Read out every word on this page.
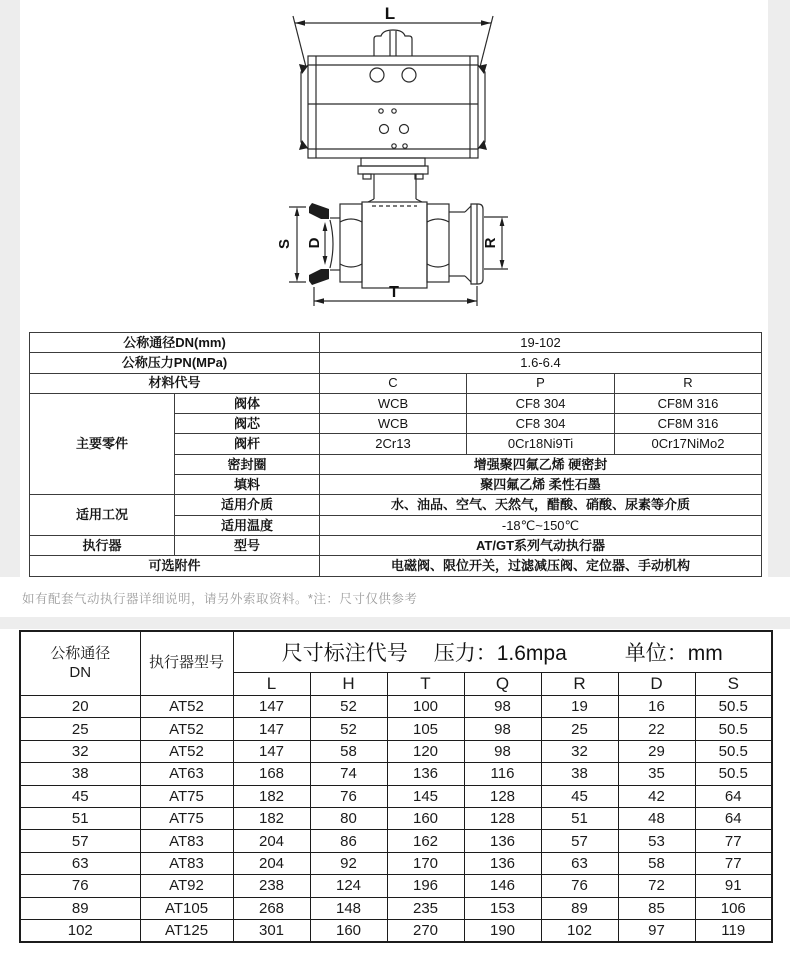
L
S D	R
T
公称通径DN(mm)		19-102		
公称压力PN(MPa)		1.6-6.4		
材料代号		C	P	R
主要零件	阀体	WCB	CF8 304	CF8M 316
	阀芯	WCB	CF8 304	CF8M 316
	阀杆	2Cr13	0Cr18Ni9Ti	0Cr17NiMo2
	密封圈	增强聚四氟乙烯 硬密封		
	填料	聚四氟乙烯 柔性石墨		
适用工况	适用介质	水、油品、空气、天然气，醋酸、硝酸、尿素等介质		
	适用温度	-18℃~150℃		
执行器	型号	AT/GT系列气动执行器		
可选附件		电磁阀、限位开关，过滤减压阀、定位器、手动机构		
如有配套气动执行器详细说明，请另外索取资料。*注：尺寸仅供参考
公称通径
DN
	执行器型号	尺寸标注代号 压力：1.6mpa	单位：mm

		L	H	T	Q	R	D	S
20	AT52	147	52	100	98	19	16	50.5
25	AT52	147	52	105	98	25	22	50.5
32	AT52	147	58	120	98	32	29	50.5
38	AT63	168	74	136	116	38	35	50.5
45	AT75	182	76	145	128	45	42	64
51	AT75	182	80	160	128	51	48	64
57	AT83	204	86	162	136	57	53	77
63	AT83	204	92	170	136	63	58	77
76	AT92	238	124	196	146	76	72	91
89	AT105	268	148	235	153	89	85	106
102	AT125	301	160	270	190	102	97	119
